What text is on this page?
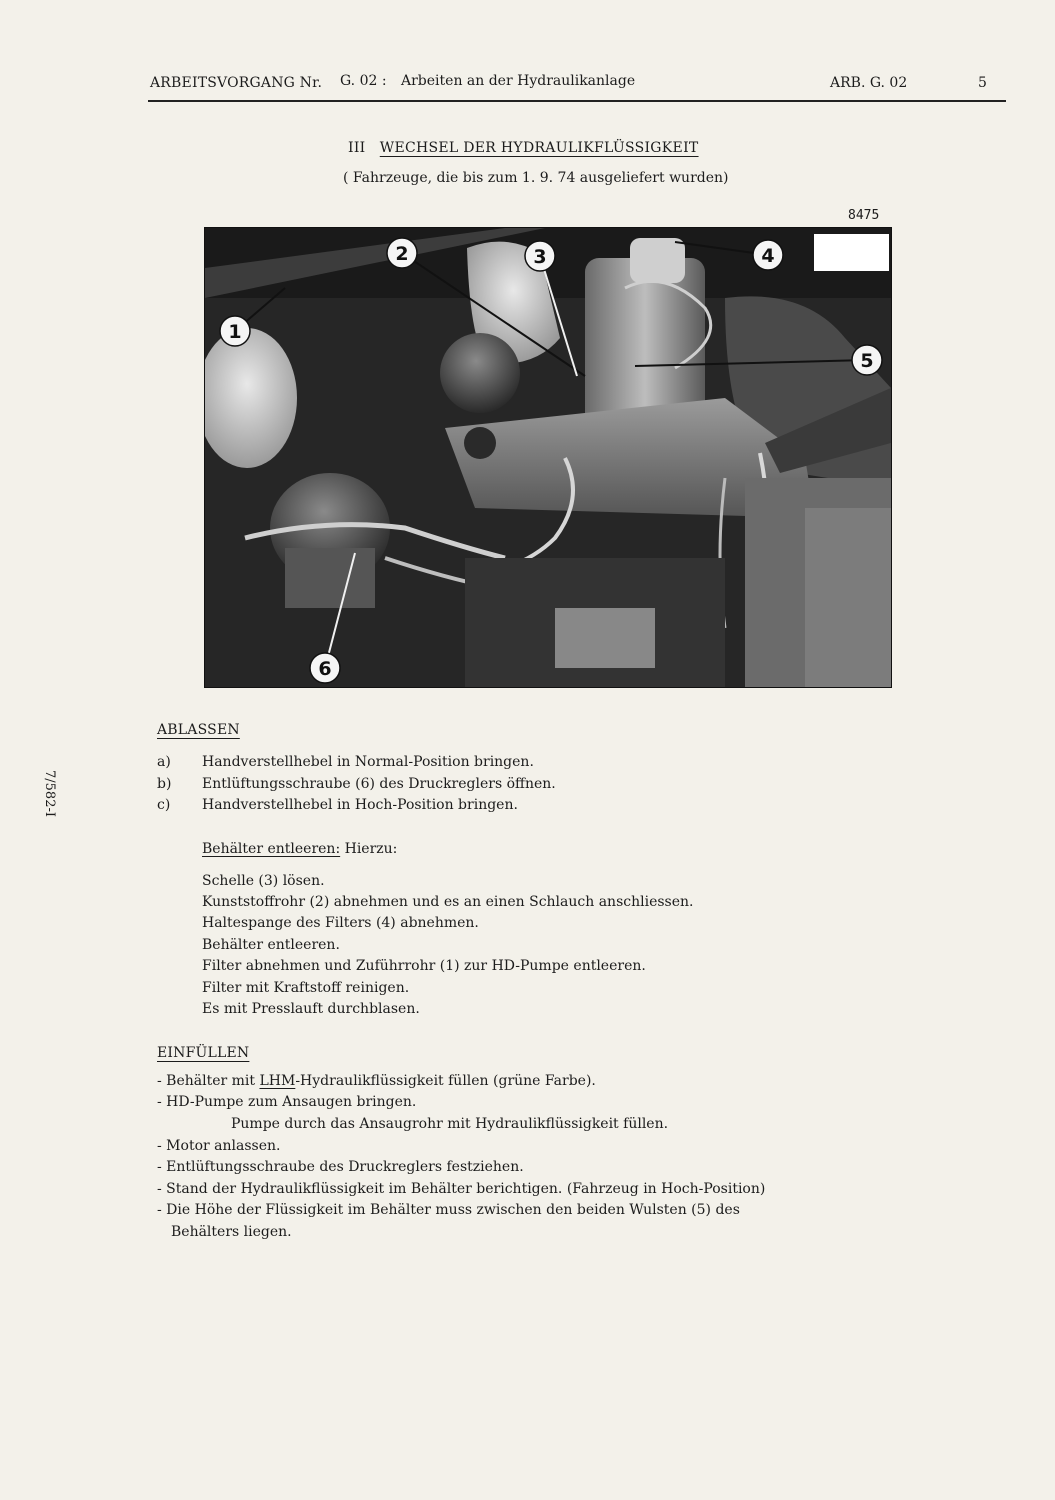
ARBEITSVORGANG Nr. G. 02 : Arbeiten an der Hydraulikanlage	ARB. G. 02	5
III WECHSEL DER HYDRAULIKFLÜSSIGKEIT
( Fahrzeuge, die bis zum 1. 9. 74 ausgeliefert wurden)
8475
1
2	3	4
5
6
7/582-I
ABLASSEN
a) Handverstellhebel in Normal-Position bringen.
b) Entlüftungsschraube (6) des Druckreglers öffnen.
c) Handverstellhebel in Hoch-Position bringen.
Behälter entleeren: Hierzu:
Schelle (3) lösen.
Kunststoffrohr (2) abnehmen und es an einen Schlauch anschliessen.
Haltespange des Filters (4) abnehmen.
Behälter entleeren.
Filter abnehmen und Zuführrohr (1) zur HD-Pumpe entleeren.
Filter mit Kraftstoff reinigen.
Es mit Presslauft durchblasen.
EINFÜLLEN
- Behälter mit LHM-Hydraulikflüssigkeit füllen (grüne Farbe).
- HD-Pumpe zum Ansaugen bringen.
Pumpe durch das Ansaugrohr mit Hydraulikflüssigkeit füllen.
- Motor anlassen.
- Entlüftungsschraube des Druckreglers festziehen.
- Stand der Hydraulikflüssigkeit im Behälter berichtigen. (Fahrzeug in Hoch-Position)
- Die Höhe der Flüssigkeit im Behälter muss zwischen den beiden Wulsten (5) des
Behälters liegen.
